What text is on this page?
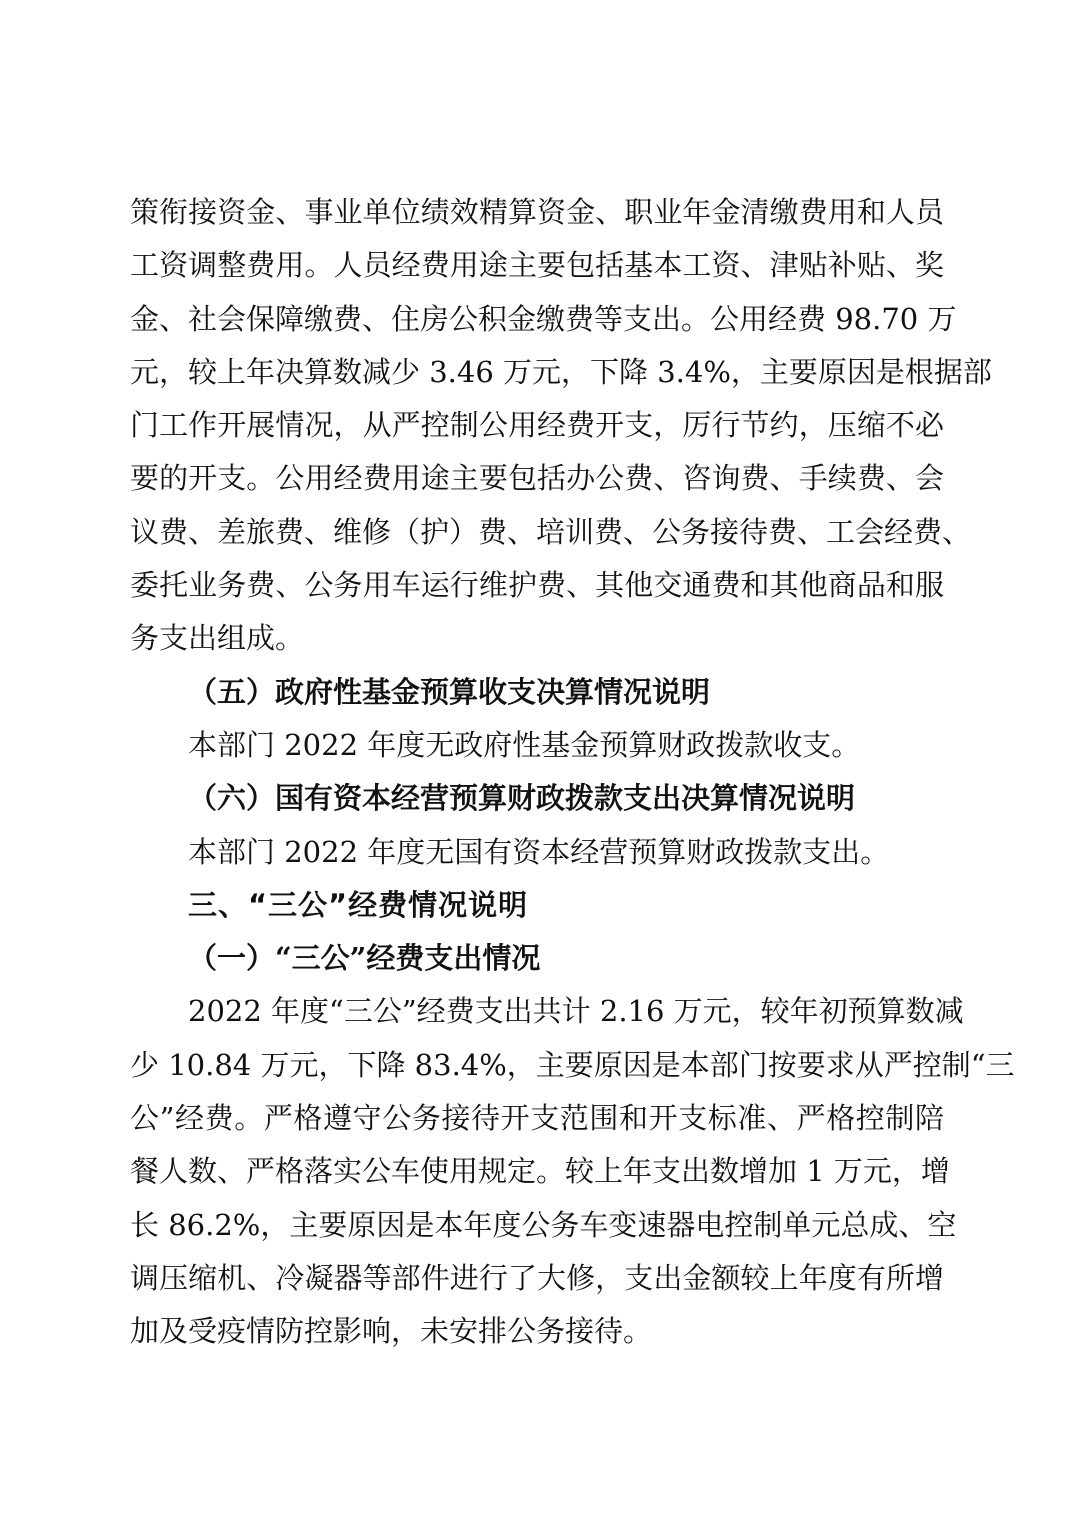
策衔接资金、事业单位绩效精算资金、职业年金清缴费用和人员
工资调整费用。人员经费用途主要包括基本工资、津贴补贴、奖
金、社会保障缴费、住房公积金缴费等支出。公用经费 98.70 万
元，较上年决算数减少 3.46 万元，下降 3.4%，主要原因是根据部
门工作开展情况，从严控制公用经费开支，厉行节约，压缩不必
要的开支。公用经费用途主要包括办公费、咨询费、手续费、会
议费、差旅费、维修（护）费、培训费、公务接待费、工会经费、
委托业务费、公务用车运行维护费、其他交通费和其他商品和服
务支出组成。
（五）政府性基金预算收支决算情况说明
本部门 2022 年度无政府性基金预算财政拨款收支。
（六）国有资本经营预算财政拨款支出决算情况说明
本部门 2022 年度无国有资本经营预算财政拨款支出。
三、“三公”经费情况说明
（一）“三公”经费支出情况
2022 年度“三公”经费支出共计 2.16 万元，较年初预算数减
少 10.84 万元，下降 83.4%，主要原因是本部门按要求从严控制“三
公”经费。严格遵守公务接待开支范围和开支标准、严格控制陪
餐人数、严格落实公车使用规定。较上年支出数增加 1 万元，增
长 86.2%，主要原因是本年度公务车变速器电控制单元总成、空
调压缩机、冷凝器等部件进行了大修，支出金额较上年度有所增
加及受疫情防控影响，未安排公务接待。
